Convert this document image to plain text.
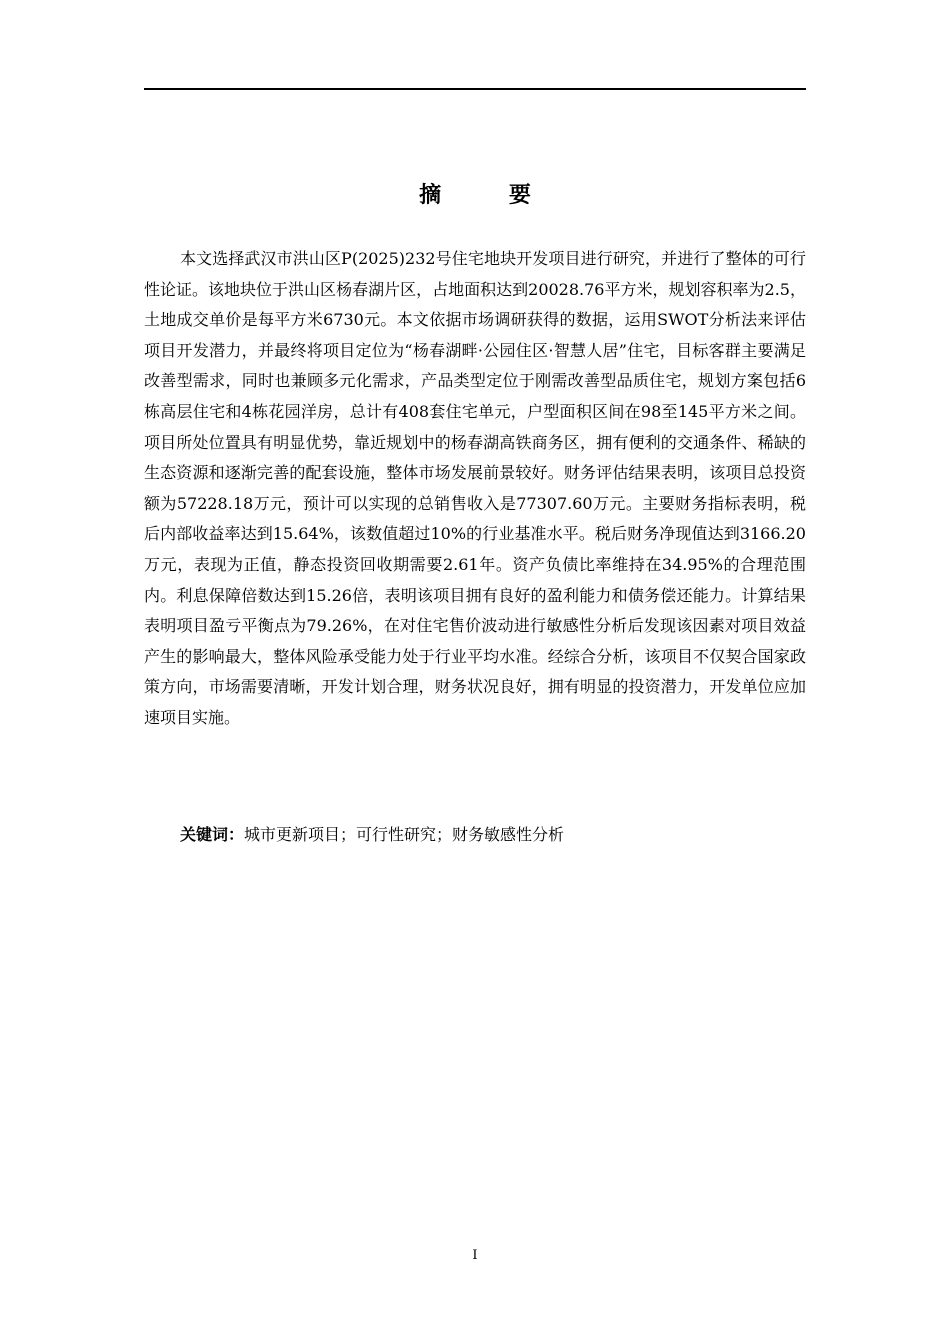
摘 要

本文选择武汉市洪山区P(2025)232号住宅地块开发项目进行研究，并进行了整体的可行性论证。该地块位于洪山区杨春湖片区，占地面积达到20028.76平方米，规划容积率为2.5，土地成交单价是每平方米6730元。本文依据市场调研获得的数据，运用SWOT分析法来评估项目开发潜力，并最终将项目定位为“杨春湖畔·公园住区·智慧人居”住宅，目标客群主要满足改善型需求，同时也兼顾多元化需求，产品类型定位于刚需改善型品质住宅，规划方案包括6栋高层住宅和4栋花园洋房，总计有408套住宅单元，户型面积区间在98至145平方米之间。项目所处位置具有明显优势，靠近规划中的杨春湖高铁商务区，拥有便利的交通条件、稀缺的生态资源和逐渐完善的配套设施，整体市场发展前景较好。财务评估结果表明，该项目总投资额为57228.18万元，预计可以实现的总销售收入是77307.60万元。主要财务指标表明，税后内部收益率达到15.64%，该数值超过10%的行业基准水平。税后财务净现值达到3166.20万元，表现为正值，静态投资回收期需要2.61年。资产负债比率维持在34.95%的合理范围内。利息保障倍数达到15.26倍，表明该项目拥有良好的盈利能力和债务偿还能力。计算结果表明项目盈亏平衡点为79.26%，在对住宅售价波动进行敏感性分析后发现该因素对项目效益产生的影响最大，整体风险承受能力处于行业平均水准。经综合分析，该项目不仅契合国家政策方向，市场需要清晰，开发计划合理，财务状况良好，拥有明显的投资潜力，开发单位应加速项目实施。

关键词：城市更新项目；可行性研究；财务敏感性分析

I
